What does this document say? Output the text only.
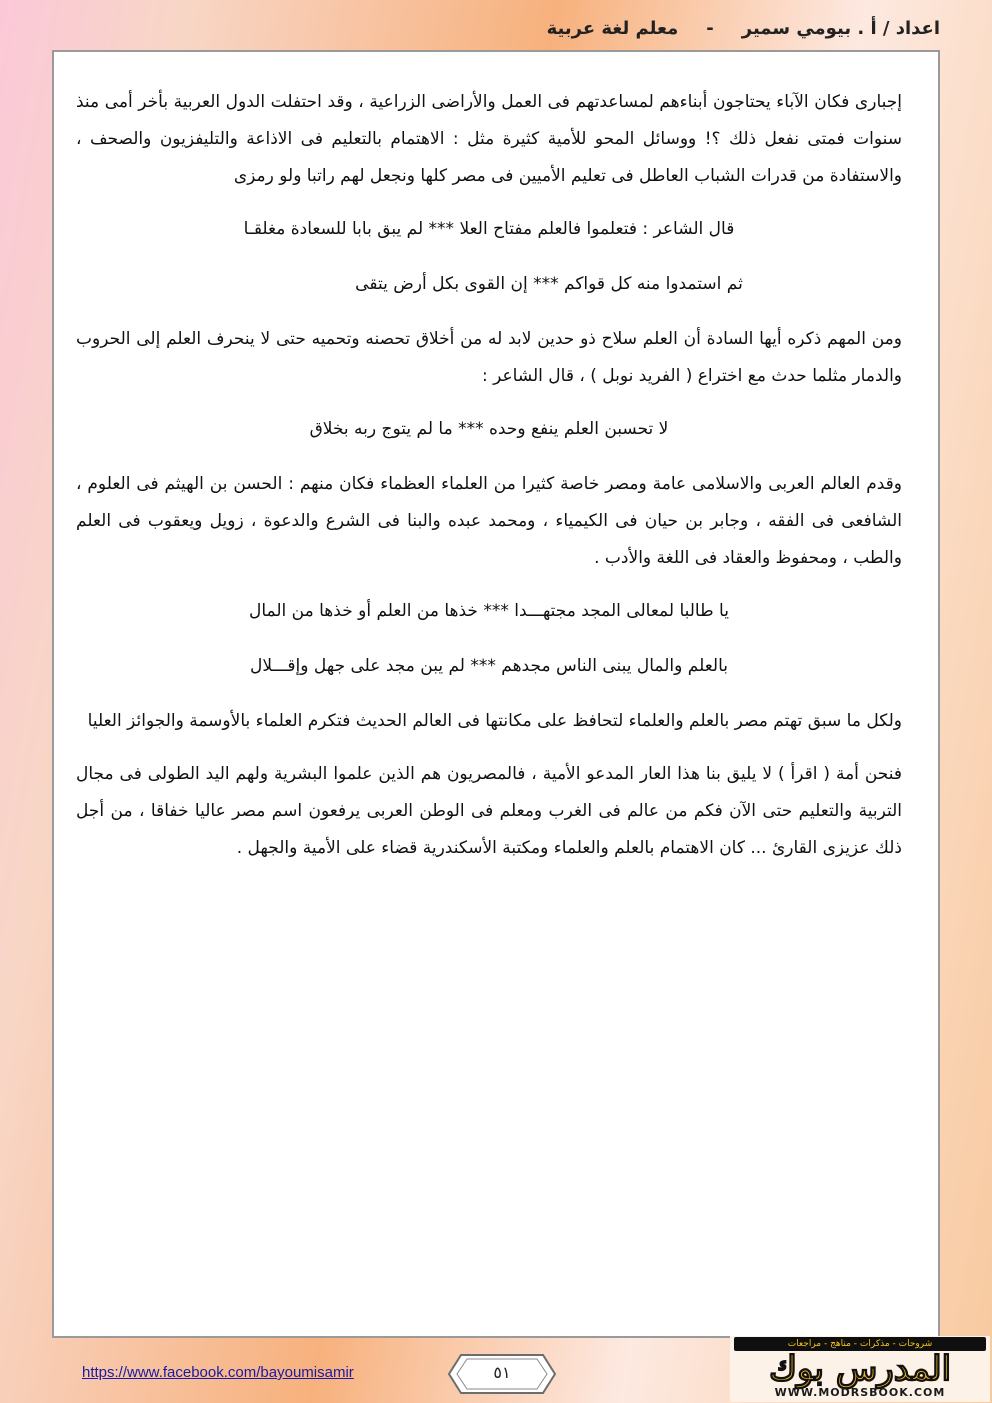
اعداد / أ . بيومي سمير
-
معلم لغة عربية

إجبارى فكان الآباء يحتاجون أبناءهم لمساعدتهم فى العمل والأراضى الزراعية ، وقد احتفلت الدول العربية بأخر أمى منذ سنوات فمتى نفعل ذلك ؟! ووسائل المحو للأمية كثيرة مثل : الاهتمام بالتعليم فى الاذاعة والتليفزيون والصحف ، والاستفادة من قدرات الشباب العاطل فى تعليم الأميين فى مصر كلها ونجعل لهم راتبا ولو رمزى

قال الشاعر : فتعلموا فالعلم مفتاح العلا *** لم يبق بابا للسعادة مغلقـا

ثم استمدوا منه كل قواكم *** إن القوى بكل أرض يتقى

ومن المهم ذكره أيها السادة أن العلم سلاح ذو حدين لابد له من أخلاق تحصنه وتحميه حتى لا ينحرف العلم إلى الحروب والدمار مثلما حدث مع اختراع ( الفريد نوبل ) ، قال الشاعر :

لا تحسبن العلم ينفع وحده *** ما لم يتوج ربه بخلاق

وقدم العالم العربى والاسلامى عامة ومصر خاصة كثيرا من العلماء العظماء فكان منهم : الحسن بن الهيثم فى العلوم ، الشافعى فى الفقه ، وجابر بن حيان فى الكيمياء ، ومحمد عبده والبنا فى الشرع والدعوة ، زويل ويعقوب فى العلم والطب ، ومحفوظ والعقاد فى اللغة والأدب .

يا طالبا لمعالى المجد مجتهـــدا *** خذها من العلم أو خذها من المال

بالعلم والمال يبنى الناس مجدهم *** لم يبن مجد على جهل وإقـــلال

ولكل ما سبق تهتم مصر بالعلم والعلماء لتحافظ على مكانتها فى العالم الحديث فتكرم العلماء بالأوسمة والجوائز العليا

فنحن أمة ( اقرأ ) لا يليق بنا هذا العار المدعو الأمية ، فالمصريون هم الذين علموا البشرية ولهم اليد الطولى فى مجال التربية والتعليم حتى الآن فكم من عالم فى الغرب ومعلم فى الوطن العربى يرفعون اسم مصر عاليا خفاقا ، من أجل ذلك عزيزى القارئ ... كان الاهتمام بالعلم والعلماء ومكتبة الأسكندرية قضاء على الأمية والجهل .

https://www.facebook.com/bayoumisamir	٥١
شروحات - مذكرات - مناهج - مراجعات
المدرس بوك
WWW.MODRSBOOK.COM
